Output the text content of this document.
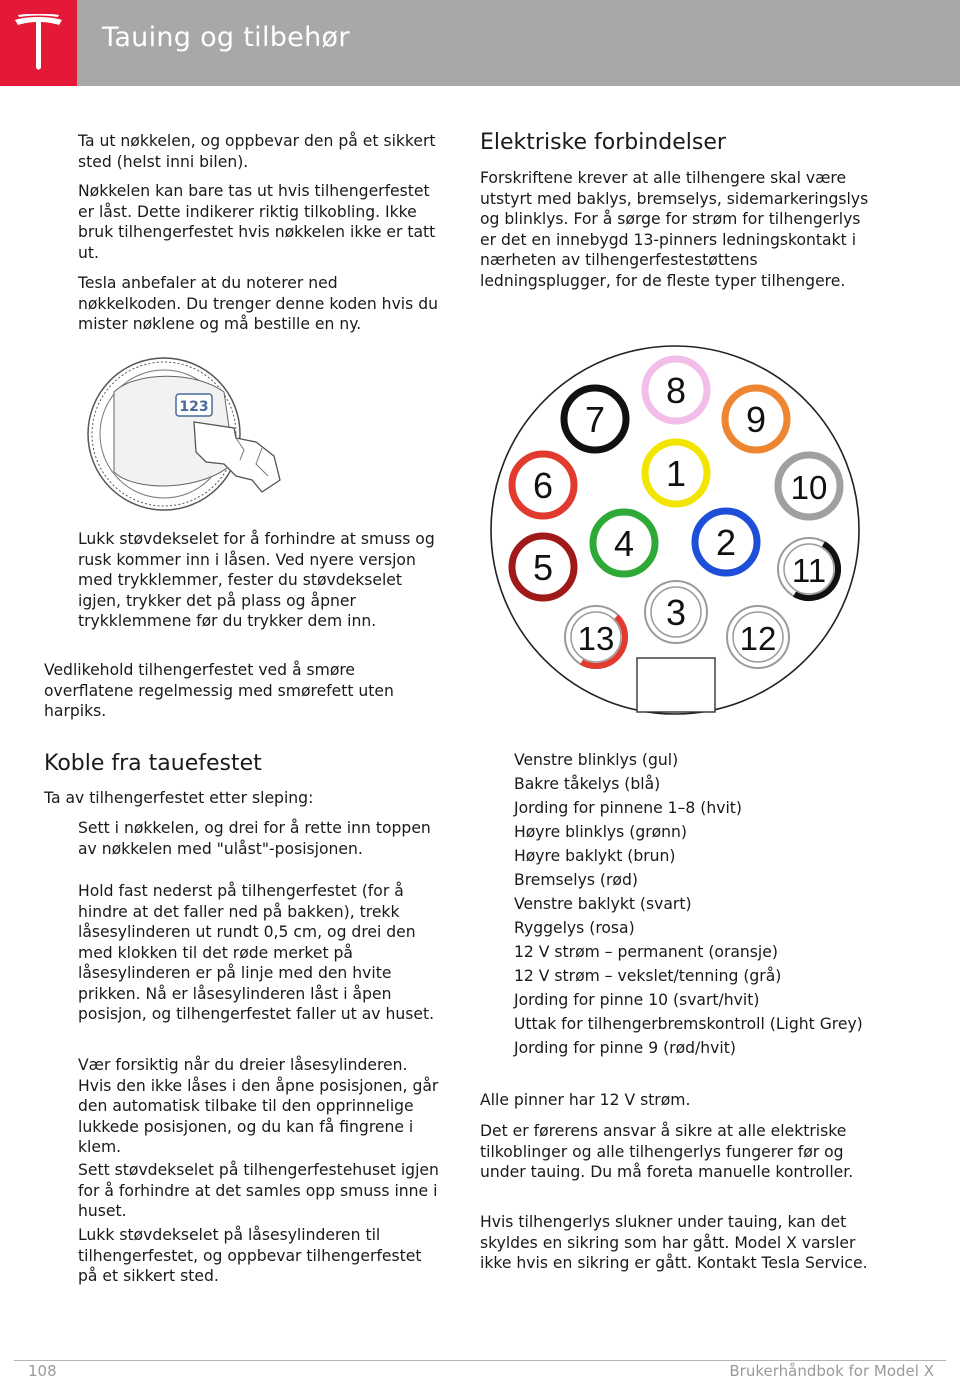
Tauing og tilbehør

Ta ut nøkkelen, og oppbevar den på et sikkert sted (helst inni bilen).

Nøkkelen kan bare tas ut hvis tilhengerfestet er låst. Dette indikerer riktig tilkobling. Ikke bruk tilhengerfestet hvis nøkkelen ikke er tatt ut.

Tesla anbefaler at du noterer ned nøkkelkoden. Du trenger denne koden hvis du mister nøklene og må bestille en ny.

123

Lukk støvdekselet for å forhindre at smuss og rusk kommer inn i låsen. Ved nyere versjon med trykklemmer, fester du støvdekselet igjen, trykker det på plass og åpner trykklemmene før du trykker dem inn.

Vedlikehold tilhengerfestet ved å smøre overflatene regelmessig med smørefett uten harpiks.

Koble fra tauefestet

Ta av tilhengerfestet etter sleping:

Sett i nøkkelen, og drei for å rette inn toppen av nøkkelen med "ulåst"-posisjonen.

Hold fast nederst på tilhengerfestet (for å hindre at det faller ned på bakken), trekk låsesylinderen ut rundt 0,5 cm, og drei den med klokken til det røde merket på låsesylinderen er på linje med den hvite prikken. Nå er låsesylinderen låst i åpen posisjon, og tilhengerfestet faller ut av huset.

Vær forsiktig når du dreier låsesylinderen. Hvis den ikke låses i den åpne posisjonen, går den automatisk tilbake til den opprinnelige lukkede posisjonen, og du kan få fingrene i klem.

Sett støvdekselet på tilhengerfestehuset igjen for å forhindre at det samles opp smuss inne i huset.

Lukk støvdekselet på låsesylinderen til tilhengerfestet, og oppbevar tilhengerfestet på et sikkert sted.

Elektriske forbindelser

Forskriftene krever at alle tilhengere skal være utstyrt med baklys, bremselys, sidemarkeringslys og blinklys. For å sørge for strøm for tilhengerlys er det en innebygd 13-pinners ledningskontakt i nærheten av tilhengerfestestøttens ledningsplugger, for de fleste typer tilhengere.

1
2
3
4
5
6
7
8
9
10
11
12
13
Venstre blinklys (gul)
Bakre tåkelys (blå)
Jording for pinnene 1–8 (hvit)
Høyre blinklys (grønn)
Høyre baklykt (brun)
Bremselys (rød)
Venstre baklykt (svart)
Ryggelys (rosa)
12 V strøm – permanent (oransje)
12 V strøm – vekslet/tenning (grå)
Jording for pinne 10 (svart/hvit)
Uttak for tilhengerbremskontroll (Light Grey)
Jording for pinne 9 (rød/hvit)

Alle pinner har 12 V strøm.

Det er førerens ansvar å sikre at alle elektriske tilkoblinger og alle tilhengerlys fungerer før og under tauing. Du må foreta manuelle kontroller.

Hvis tilhengerlys slukner under tauing, kan det skyldes en sikring som har gått. Model X varsler ikke hvis en sikring er gått. Kontakt Tesla Service.

108	Brukerhåndbok for Model X
